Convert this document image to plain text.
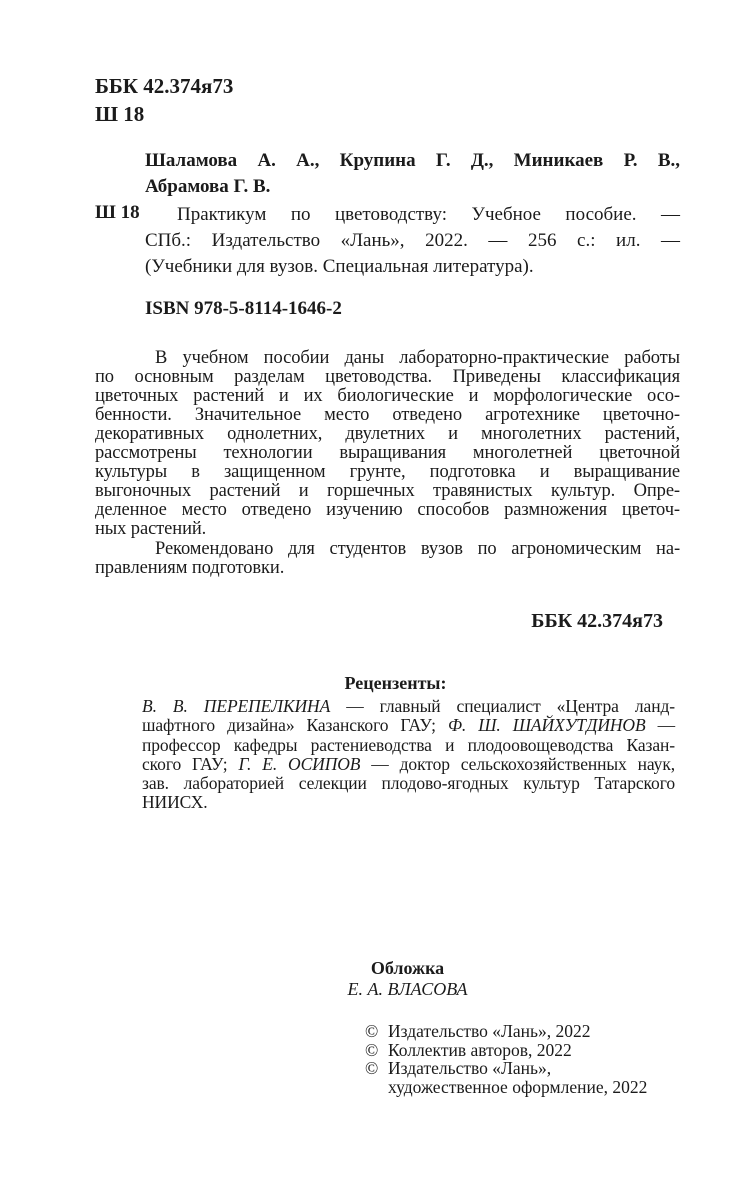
ББК 42.374я73
Ш 18
Шаламова А. А., Крупина Г. Д., Миникаев Р. В.,
Абрамова Г. В.
Ш 18	Практикум по цветоводству: Учебное пособие. —
СПб.: Издательство «Лань», 2022. — 256 с.: ил. —
(Учебники для вузов. Специальная литература).
ISBN 978-5-8114-1646-2
В учебном пособии даны лабораторно-практические работы
по основным разделам цветоводства. Приведены классификация
цветочных растений и их биологические и морфологические осо-
бенности. Значительное место отведено агротехнике цветочно-
декоративных однолетних, двулетних и многолетних растений,
рассмотрены технологии выращивания многолетней цветочной
культуры в защищенном грунте, подготовка и выращивание
выгоночных растений и горшечных травянистых культур. Опре-
деленное место отведено изучению способов размножения цветоч-
ных растений.
Рекомендовано для студентов вузов по агрономическим на-
правлениям подготовки.
ББК 42.374я73
Рецензенты:
В. В. ПЕРЕПЕЛКИНА — главный специалист «Центра ланд-
шафтного дизайна» Казанского ГАУ; Ф. Ш. ШАЙХУТДИНОВ —
профессор кафедры растениеводства и плодоовощеводства Казан-
ского ГАУ; Г. Е. ОСИПОВ — доктор сельскохозяйственных наук,
зав. лабораторией селекции плодово-ягодных культур Татарского
НИИСХ.
Обложка
Е. А. ВЛАСОВА
© Издательство «Лань», 2022
© Коллектив авторов, 2022
© Издательство «Лань»,
художественное оформление, 2022
